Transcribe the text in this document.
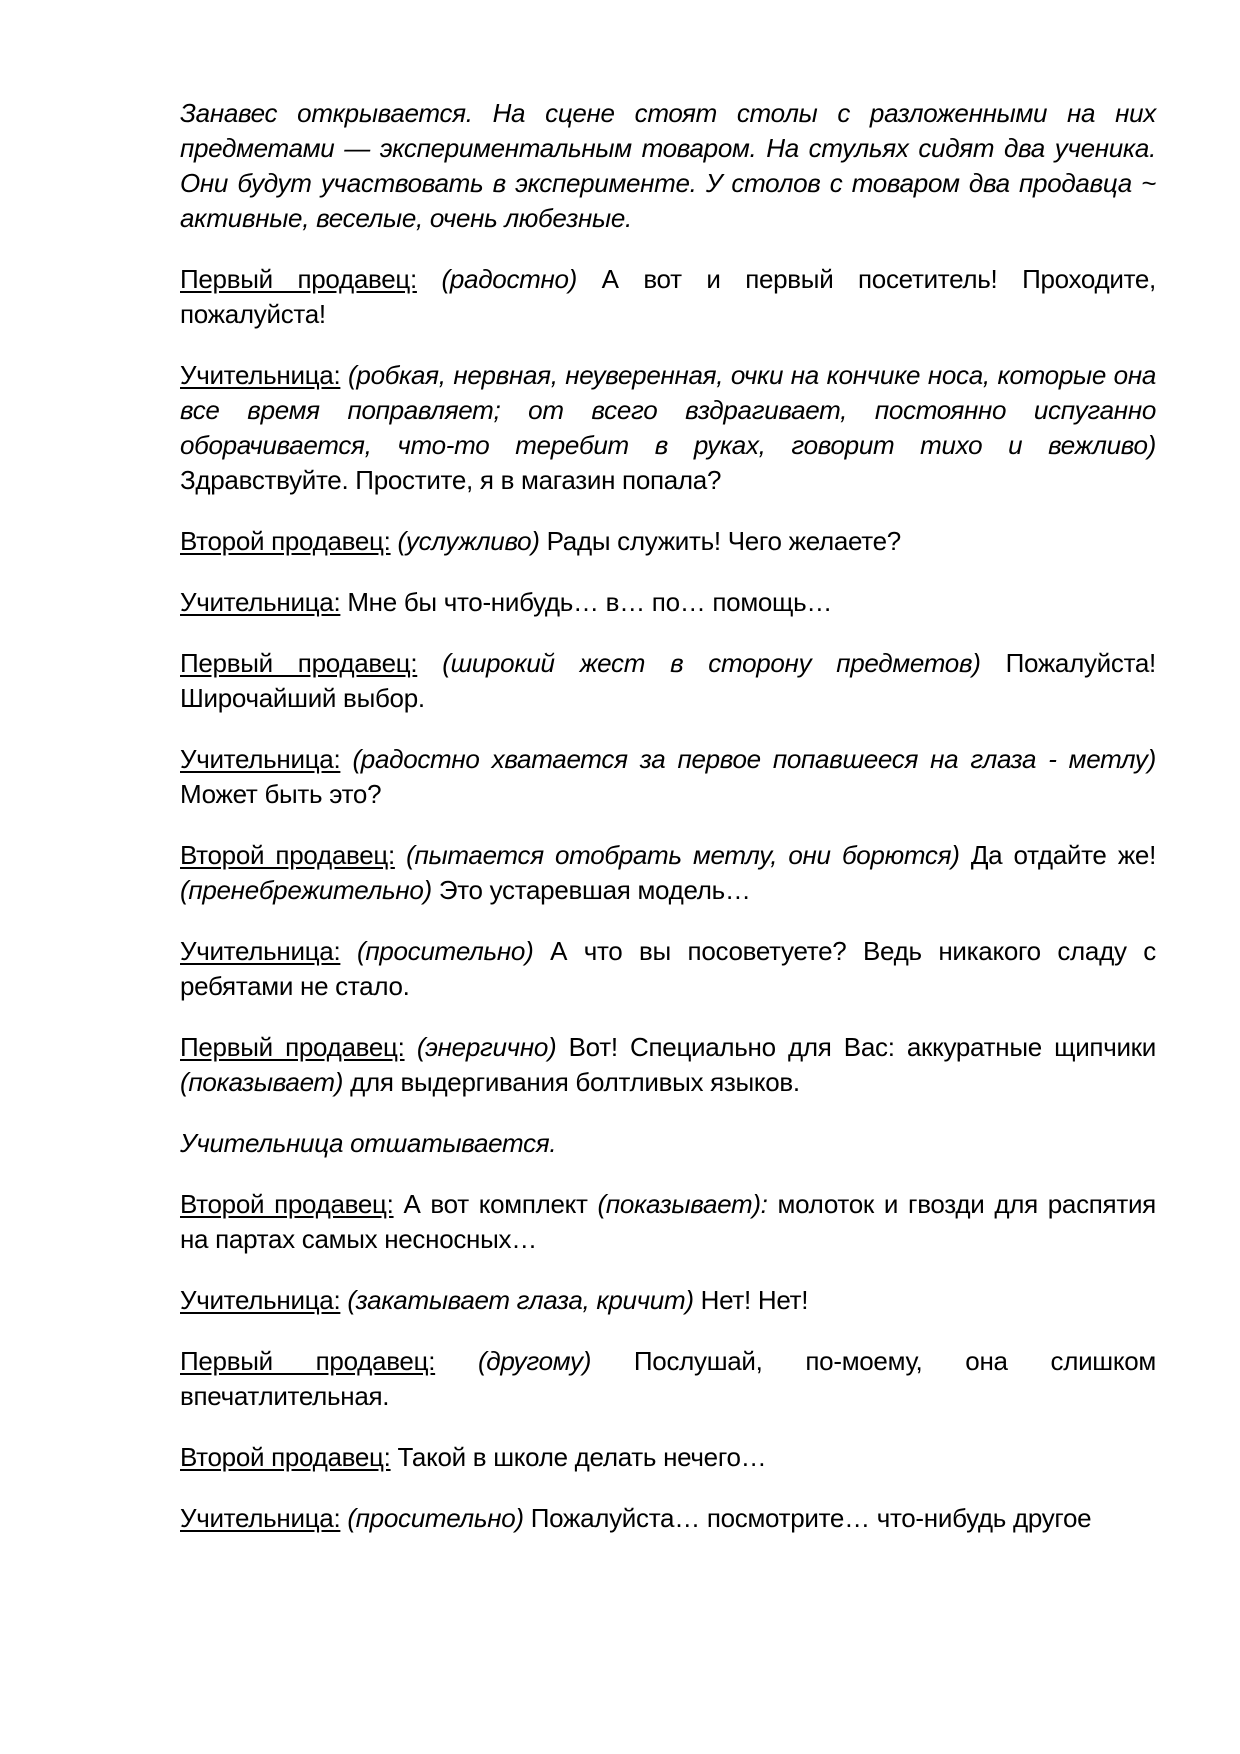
Занавес открывается. На сцене стоят столы с разложенными на них предметами — экспериментальным товаром. На стульях сидят два ученика. Они будут участвовать в эксперименте. У столов с товаром два продавца ~ активные, веселые, очень любезные.

Первый продавец: (радостно) А вот и первый посетитель! Проходите, пожалуйста!

Учительница: (робкая, нервная, неуверенная, очки на кончике носа, которые она все время поправляет; от всего вздрагивает, постоянно испуганно оборачивается, что-то теребит в руках, говорит тихо и вежливо) Здравствуйте. Простите, я в магазин попала?

Второй продавец: (услужливо) Рады служить! Чего желаете?

Учительница: Мне бы что-нибудь… в… по… помощь…

Первый продавец: (широкий жест в сторону предметов) Пожалуйста! Широчайший выбор.

Учительница: (радостно хватается за первое попавшееся на глаза - метлу) Может быть это?

Второй продавец: (пытается отобрать метлу, они борются) Да отдайте же! (пренебрежительно) Это устаревшая модель…

Учительница: (просительно) А что вы посоветуете? Ведь никакого сладу с ребятами не стало.

Первый продавец: (энергично) Вот! Специально для Вас: аккуратные щипчики (показывает) для выдергивания болтливых языков.

Учительница отшатывается.

Второй продавец: А вот комплект (показывает): молоток и гвозди для распятия на партах самых несносных…

Учительница: (закатывает глаза, кричит) Нет! Нет!

Первый продавец: (другому) Послушай, по-моему, она слишком впечатлительная.

Второй продавец: Такой в школе делать нечего…

Учительница: (просительно) Пожалуйста… посмотрите… что-нибудь другое
